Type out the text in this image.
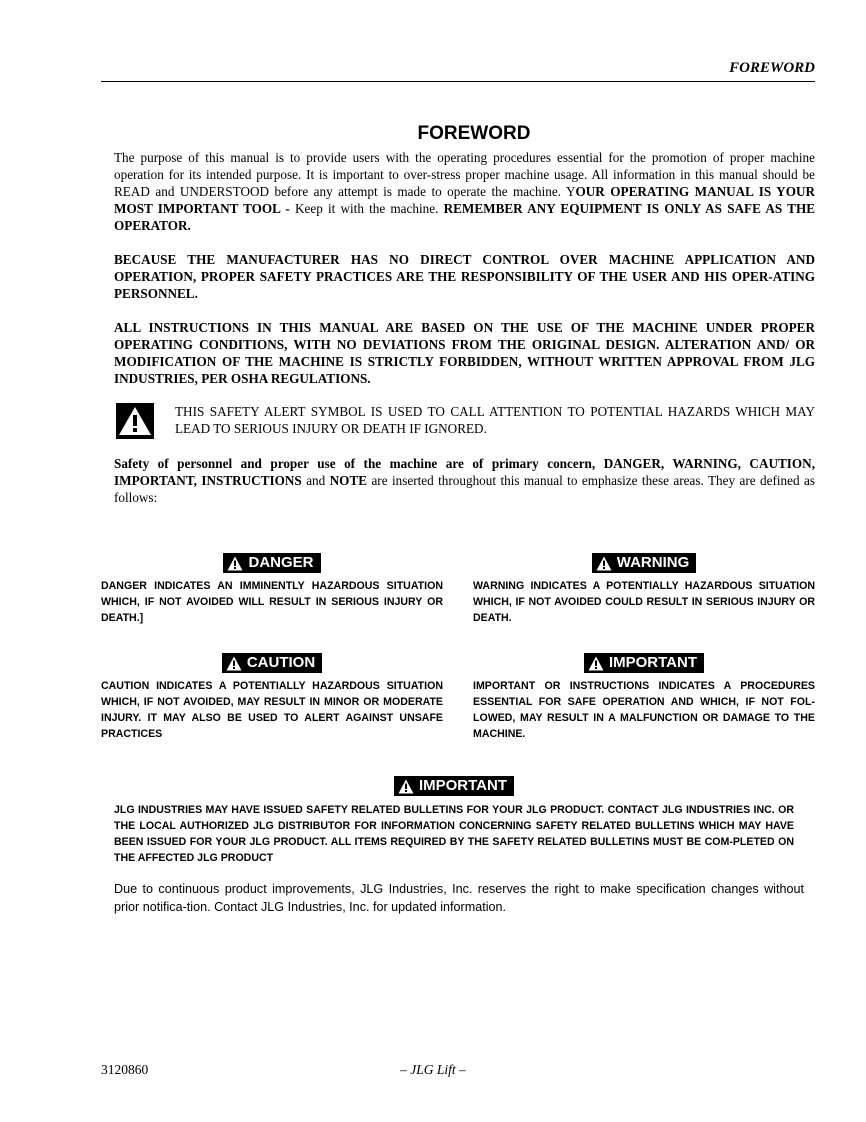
FOREWORD
FOREWORD
The purpose of this manual is to provide users with the operating procedures essential for the promotion of proper machine operation for its intended purpose. It is important to over-stress proper machine usage. All information in this manual should be READ and UNDERSTOOD before any attempt is made to operate the machine. YOUR OPERATING MANUAL IS YOUR MOST IMPORTANT TOOL - Keep it with the machine. REMEMBER ANY EQUIPMENT IS ONLY AS SAFE AS THE OPERATOR.
BECAUSE THE MANUFACTURER HAS NO DIRECT CONTROL OVER MACHINE APPLICATION AND OPERATION, PROPER SAFETY PRACTICES ARE THE RESPONSIBILITY OF THE USER AND HIS OPER-ATING PERSONNEL.
ALL INSTRUCTIONS IN THIS MANUAL ARE BASED ON THE USE OF THE MACHINE UNDER PROPER OPERATING CONDITIONS, WITH NO DEVIATIONS FROM THE ORIGINAL DESIGN. ALTERATION AND/ OR MODIFICATION OF THE MACHINE IS STRICTLY FORBIDDEN, WITHOUT WRITTEN APPROVAL FROM JLG INDUSTRIES, PER OSHA REGULATIONS.
THIS SAFETY ALERT SYMBOL IS USED TO CALL ATTENTION TO POTENTIAL HAZARDS WHICH MAY LEAD TO SERIOUS INJURY OR DEATH IF IGNORED.
Safety of personnel and proper use of the machine are of primary concern, DANGER, WARNING, CAUTION, IMPORTANT, INSTRUCTIONS and NOTE are inserted throughout this manual to emphasize these areas. They are defined as follows:
DANGER
DANGER INDICATES AN IMMINENTLY HAZARDOUS SITUATION WHICH, IF NOT AVOIDED WILL RESULT IN SERIOUS INJURY OR DEATH.]
WARNING
WARNING INDICATES A POTENTIALLY HAZARDOUS SITUATION WHICH, IF NOT AVOIDED COULD RESULT IN SERIOUS INJURY OR DEATH.
CAUTION
CAUTION INDICATES A POTENTIALLY HAZARDOUS SITUATION WHICH, IF NOT AVOIDED, MAY RESULT IN MINOR OR MODERATE INJURY. IT MAY ALSO BE USED TO ALERT AGAINST UNSAFE PRACTICES
IMPORTANT
IMPORTANT OR INSTRUCTIONS INDICATES A PROCEDURES ESSENTIAL FOR SAFE OPERATION AND WHICH, IF NOT FOL-LOWED, MAY RESULT IN A MALFUNCTION OR DAMAGE TO THE MACHINE.
IMPORTANT
JLG INDUSTRIES MAY HAVE ISSUED SAFETY RELATED BULLETINS FOR YOUR JLG PRODUCT. CONTACT JLG INDUSTRIES INC. OR THE LOCAL AUTHORIZED JLG DISTRIBUTOR FOR INFORMATION CONCERNING SAFETY RELATED BULLETINS WHICH MAY HAVE BEEN ISSUED FOR YOUR JLG PRODUCT. ALL ITEMS REQUIRED BY THE SAFETY RELATED BULLETINS MUST BE COM-PLETED ON THE AFFECTED JLG PRODUCT
Due to continuous product improvements, JLG Industries, Inc. reserves the right to make specification changes without prior notifica-tion. Contact JLG Industries, Inc. for updated information.
3120860	– JLG Lift –
